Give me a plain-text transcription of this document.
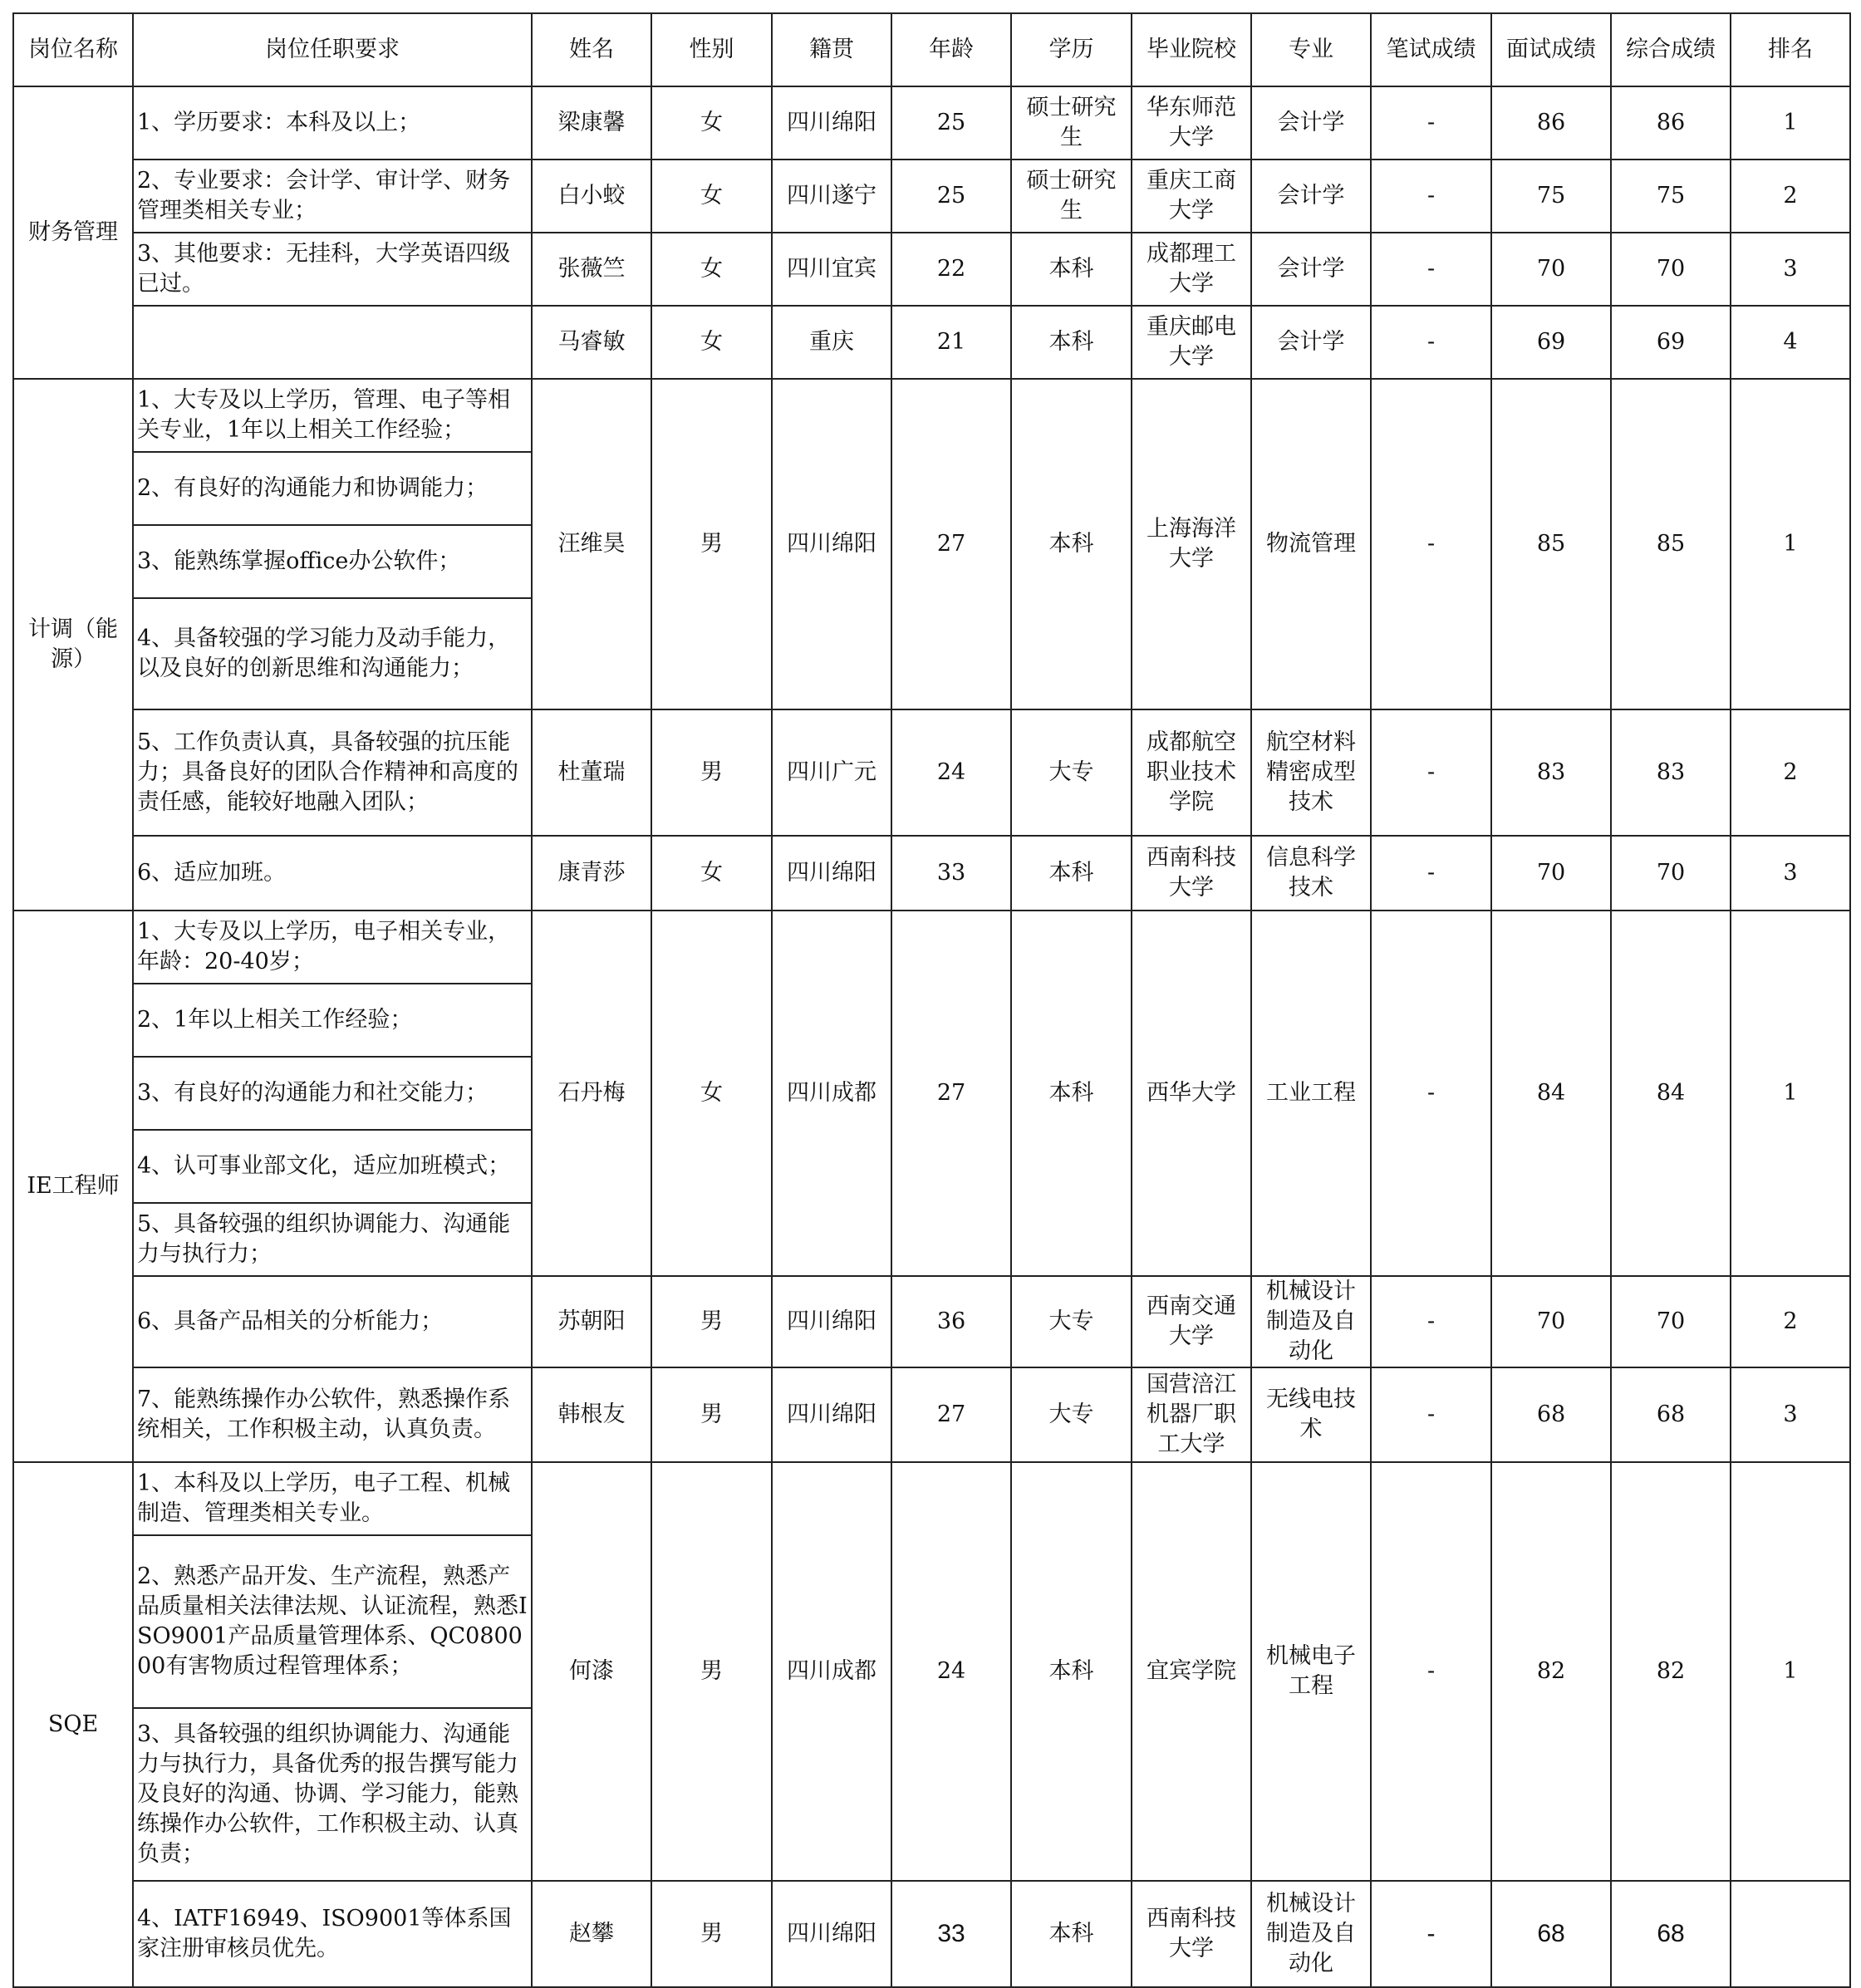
岗位名称	岗位任职要求	姓名	性别	籍贯	年龄	学历	毕业院校	专业	笔试成绩	面试成绩	综合成绩	排名
财务管理	1、学历要求：本科及以上；	梁康馨	女	四川绵阳	25	硕士研究生	华东师范大学	会计学	-	86	86	1
	2、专业要求：会计学、审计学、财务管理类相关专业；	白小蛟	女	四川遂宁	25	硕士研究生	重庆工商大学	会计学	-	75	75	2
	3、其他要求：无挂科，大学英语四级已过。	张薇竺	女	四川宜宾	22	本科	成都理工大学	会计学	-	70	70	3
		马睿敏	女	重庆	21	本科	重庆邮电大学	会计学	-	69	69	4
计调（能源）	1、大专及以上学历，管理、电子等相关专业，1年以上相关工作经验；	汪维昊	男	四川绵阳	27	本科	上海海洋大学	物流管理	-	85	85	1
	2、有良好的沟通能力和协调能力；											
	3、能熟练掌握office办公软件；											
	4、具备较强的学习能力及动手能力，以及良好的创新思维和沟通能力；											
	5、工作负责认真，具备较强的抗压能力；具备良好的团队合作精神和高度的责任感，能较好地融入团队；	杜董瑞	男	四川广元	24	大专	成都航空职业技术学院	航空材料精密成型技术	-	83	83	2
	6、适应加班。	康青莎	女	四川绵阳	33	本科	西南科技大学	信息科学技术	-	70	70	3
IE工程师	1、大专及以上学历，电子相关专业，年龄：20-40岁；	石丹梅	女	四川成都	27	本科	西华大学	工业工程	-	84	84	1
	2、1年以上相关工作经验；											
	3、有良好的沟通能力和社交能力；											
	4、认可事业部文化，适应加班模式；											
	5、具备较强的组织协调能力、沟通能力与执行力；											
	6、具备产品相关的分析能力；	苏朝阳	男	四川绵阳	36	大专	西南交通大学	机械设计制造及自动化	-	70	70	2
	7、能熟练操作办公软件，熟悉操作系统相关，工作积极主动，认真负责。	韩根友	男	四川绵阳	27	大专	国营涪江机器厂职工大学	无线电技术	-	68	68	3
SQE	1、本科及以上学历，电子工程、机械制造、管理类相关专业。	何漆	男	四川成都	24	本科	宜宾学院	机械电子工程	-	82	82	1
	2、熟悉产品开发、生产流程，熟悉产品质量相关法律法规、认证流程，熟悉ISO9001产品质量管理体系、QC080000有害物质过程管理体系；											
	3、具备较强的组织协调能力、沟通能力与执行力，具备优秀的报告撰写能力及良好的沟通、协调、学习能力，能熟练操作办公软件，工作积极主动、认真负责；											
	4、IATF16949、ISO9001等体系国家注册审核员优先。	赵攀	男	四川绵阳	33	本科	西南科技大学	机械设计制造及自动化	-	68	68	
